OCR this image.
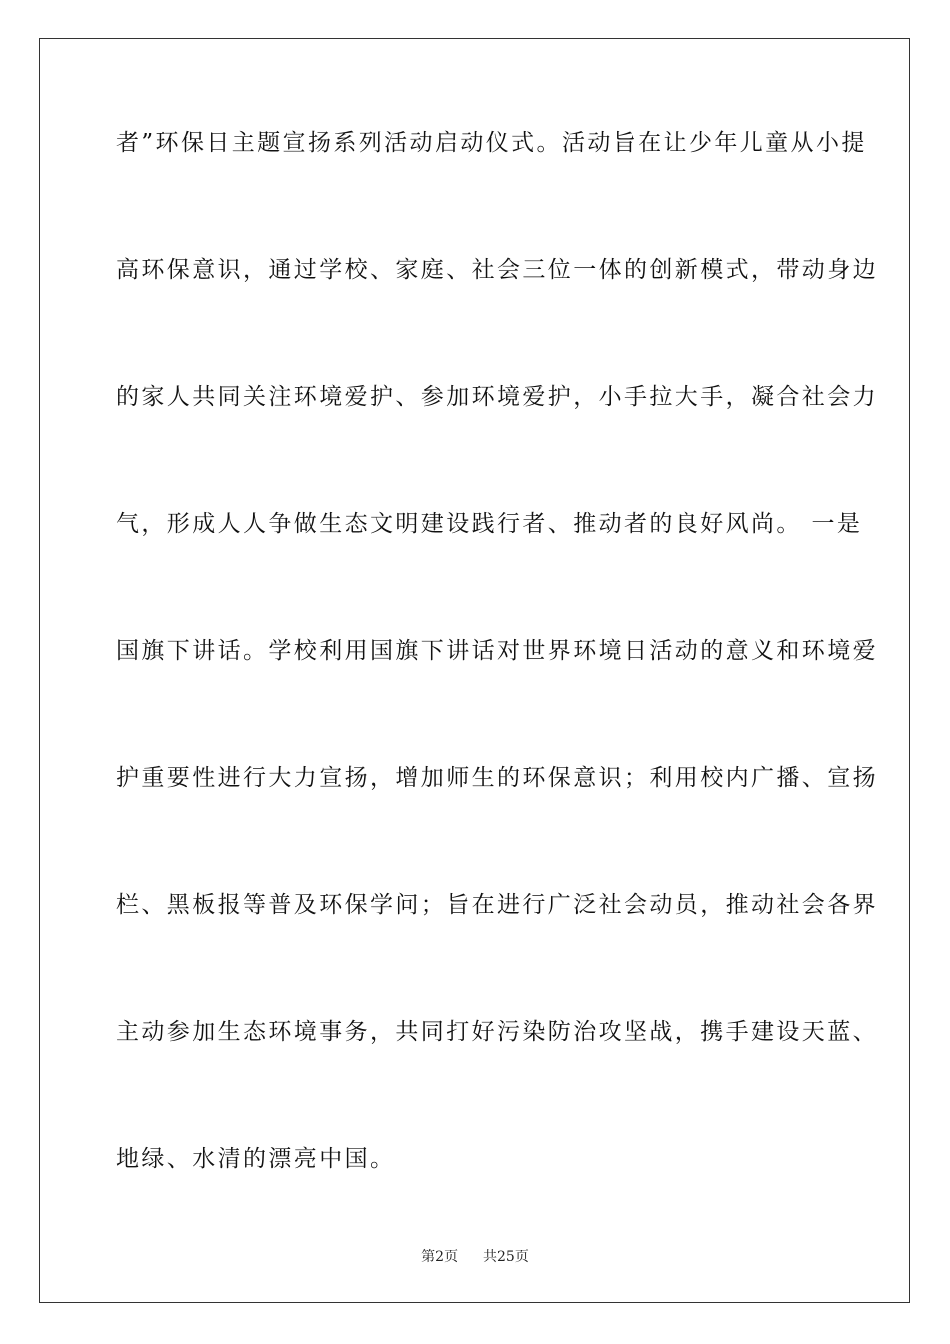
者”环保日主题宣扬系列活动启动仪式。活动旨在让少年儿童从小提
高环保意识，通过学校、家庭、社会三位一体的创新模式，带动身边
的家人共同关注环境爱护、参加环境爱护，小手拉大手，凝合社会力
气，形成人人争做生态文明建设践行者、推动者的良好风尚。 一是
国旗下讲话。学校利用国旗下讲话对世界环境日活动的意义和环境爱
护重要性进行大力宣扬，增加师生的环保意识；利用校内广播、宣扬
栏、黑板报等普及环保学问；旨在进行广泛社会动员，推动社会各界
主动参加生态环境事务，共同打好污染防治攻坚战，携手建设天蓝、
地绿、水清的漂亮中国。
第2页 共25页
